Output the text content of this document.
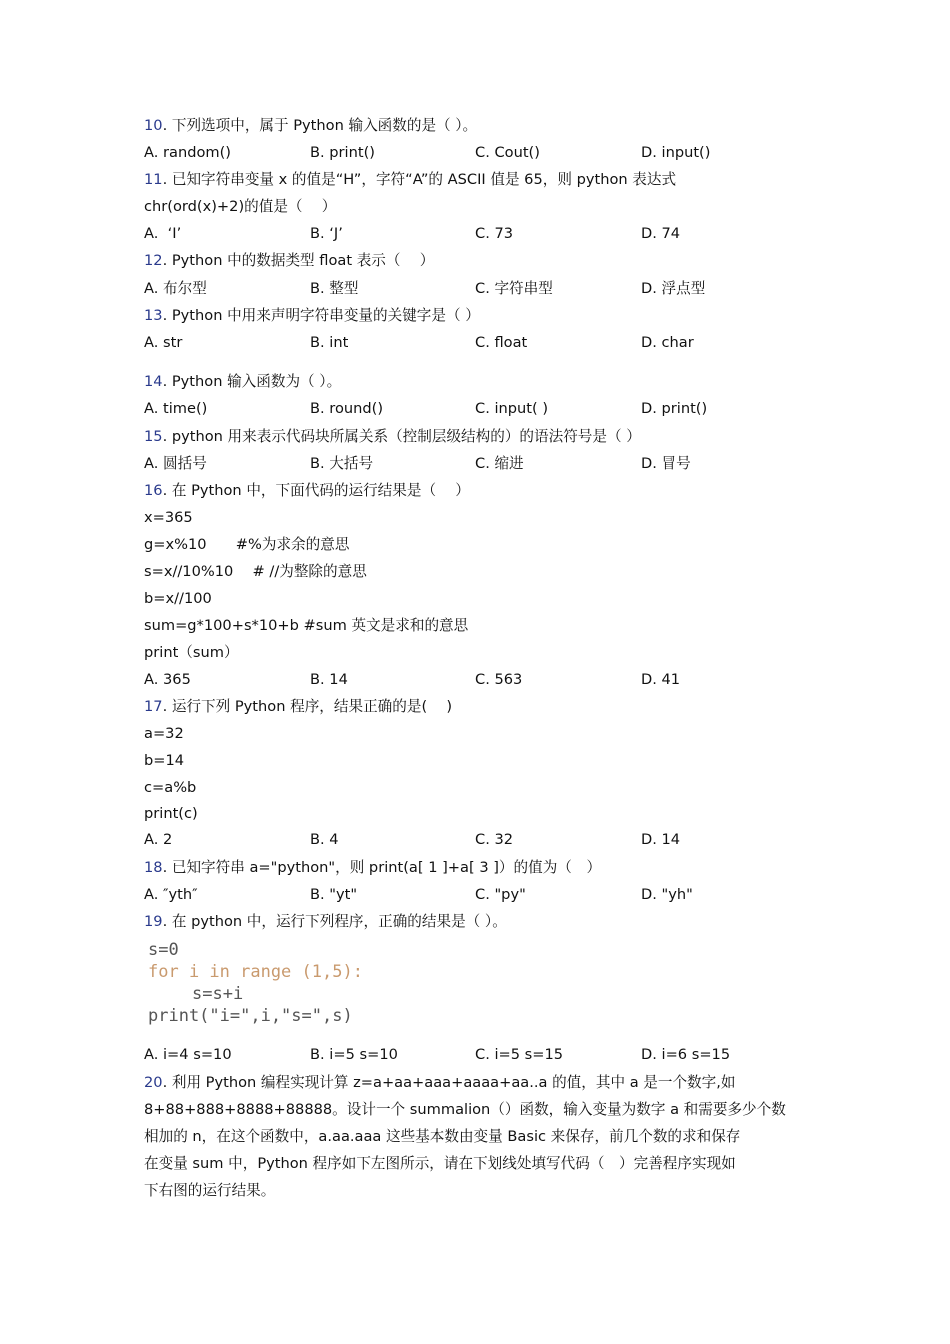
10. 下列选项中，属于 Python 输入函数的是（ ）。
A. random()	B. print()	C. Cout()	D. input()
11. 已知字符串变量 x 的值是“H”，字符“A”的 ASCII 值是 65，则 python 表达式
chr(ord(x)+2)的值是（　 ）
A.  ‘I’	B. ‘J’	C. 73	D. 74
12. Python 中的数据类型 float 表示（　 ）
A. 布尔型	B. 整型	C. 字符串型	D. 浮点型
13. Python 中用来声明字符串变量的关键字是（ ）
A. str	B. int	C. float	D. char
14. Python 输入函数为（ ）。
A. time()	B. round()	C. input( )	D. print()
15. python 用来表示代码块所属关系（控制层级结构的）的语法符号是（ ）
A. 圆括号	B. 大括号	C. 缩进	D. 冒号
16. 在 Python 中，下面代码的运行结果是（　 ）
x=365
g=x%10　　#%为求余的意思
s=x//10%10　 # //为整除的意思
b=x//100
sum=g*100+s*10+b #sum 英文是求和的意思
print（sum）
A. 365	B. 14	C. 563	D. 41
17. 运行下列 Python 程序，结果正确的是(　 )
a=32
b=14
c=a%b
print(c)
A. 2	B. 4	C. 32	D. 14
18. 已知字符串 a="python"，则 print(a[ 1 ]+a[ 3 ]）的值为（　）
A. ″yth″	B. "yt"	C. "py"	D. "yh"
19. 在 python 中，运行下列程序，正确的结果是（ ）。
s=0
for i in range (1,5):
s=s+i
print("i=",i,"s=",s)
A. i=4 s=10	B. i=5 s=10	C. i=5 s=15	D. i=6 s=15
20. 利用 Python 编程实现计算 z=a+aa+aaa+aaaa+aa..a 的值，其中 a 是一个数字,如
8+88+888+8888+88888。设计一个 summalion（）函数，输入变量为数字 a 和需要多少个数
相加的 n，在这个函数中，a.aa.aaa 这些基本数由变量 Basic 来保存，前几个数的求和保存
在变量 sum 中，Python 程序如下左图所示，请在下划线处填写代码（　）完善程序实现如
下右图的运行结果。
